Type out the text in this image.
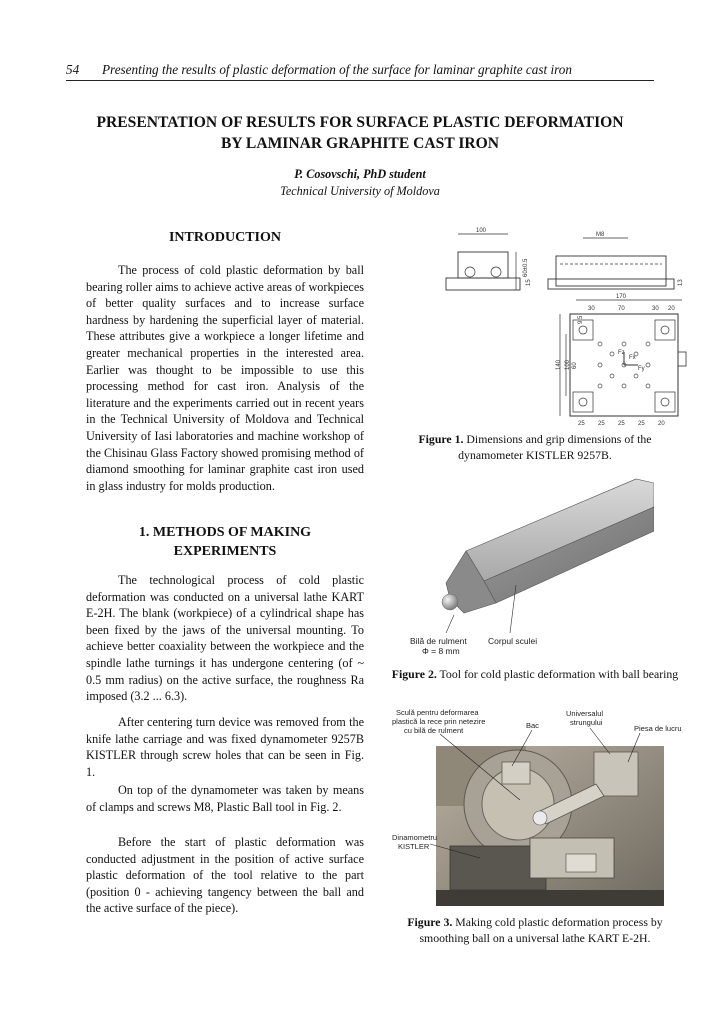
54 Presenting the results of plastic deformation of the surface for laminar graphite cast iron
PRESENTATION OF RESULTS FOR SURFACE PLASTIC DEFORMATION
BY LAMINAR GRAPHITE CAST IRON
P. Cosovschi, PhD student
Technical University of Moldova
INTRODUCTION

The process of cold plastic deformation by ball bearing roller aims to achieve active areas of workpieces of better quality surfaces and to increase surface hardness by hardening the superficial layer of material. These attributes give a workpiece a longer lifetime and greater mechanical properties in the interested area. Earlier was thought to be impossible to use this processing method for cast iron. Analysis of the literature and the experiments carried out in recent years in the Technical University of Moldova and Technical University of Iasi laboratories and machine workshop of the Chisinau Glass Factory showed promising method of diamond smoothing for laminar graphite cast iron used in glass industry for molds production.

1. METHODS OF MAKING
EXPERIMENTS

The technological process of cold plastic deformation was conducted on a universal lathe KART E-2H. The blank (workpiece) of a cylindrical shape has been fixed by the jaws of the universal mounting. To achieve better coaxiality between the workpiece and the spindle lathe turnings it has undergone centering (of ~ 0.5 mm radius) on the active surface, the roughness Ra imposed (3.2 ... 6.3).

After centering turn device was removed from the knife lathe carriage and was fixed dynamometer 9257B KISTLER through screw holes that can be seen in Fig. 1.

On top of the dynamometer was taken by means of clamps and screws M8, Plastic Ball tool in Fig. 2.

Before the start of plastic deformation was conducted adjustment in the position of active surface plastic deformation of the tool relative to the part (position 0 - achieving tangency between the ball and the active surface of the piece).

100
60±0.5
15
M8
13
170
30	70	30 20
9.5
Fx
Fy
Fz
140 100 60
25 25 25 25 20
Figure 1. Dimensions and grip dimensions of the dynamometer KISTLER 9257B.
Bilă de rulment
Φ = 8 mm
Corpul sculei
Figure 2. Tool for cold plastic deformation with ball bearing
Sculă pentru deformarea
plastică la rece prin netezire
cu bilă de rulment
Bac
Universalul
strungului
Piesa de lucru
Dinamometru
KISTLER
Figure 3. Making cold plastic deformation process by smoothing ball on a universal lathe KART E-2H.
